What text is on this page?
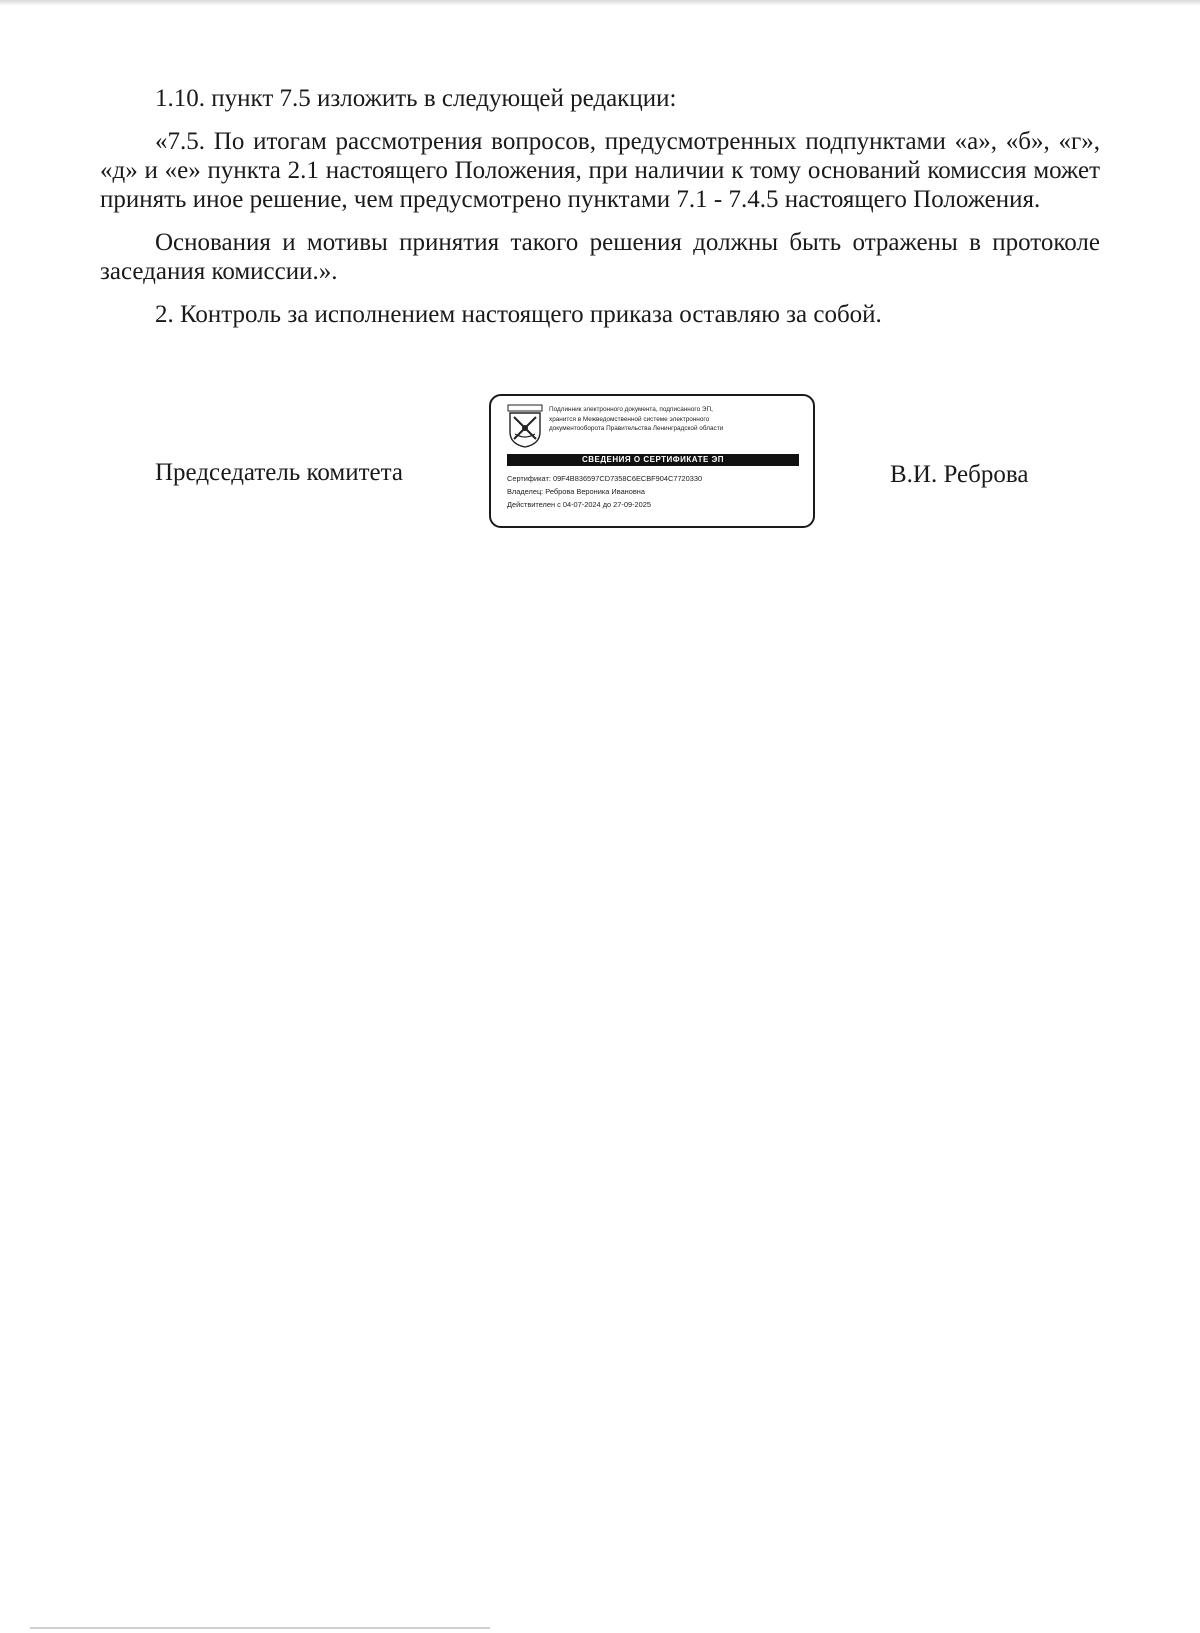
1.10. пункт 7.5 изложить в следующей редакции:

«7.5. По итогам рассмотрения вопросов, предусмотренных подпунктами «а», «б», «г», «д» и «е» пункта 2.1 настоящего Положения, при наличии к тому оснований комиссия может принять иное решение, чем предусмотрено пунктами 7.1 - 7.4.5 настоящего Положения.

Основания и мотивы принятия такого решения должны быть отражены в протоколе заседания комиссии.».

2. Контроль за исполнением настоящего приказа оставляю за собой.

Председатель комитета
Подлинник электронного документа, подписанного ЭП,
хранится в Межведомственной системе электронного
документооборота Правительства Ленинградской области
СВЕДЕНИЯ О СЕРТИФИКАТЕ ЭП
Сертификат: 09F4B836597CD7358C6ECBF904C7720330
Владелец: Реброва Вероника Ивановна
Действителен с 04-07-2024 до 27-09-2025
В.И. Реброва
